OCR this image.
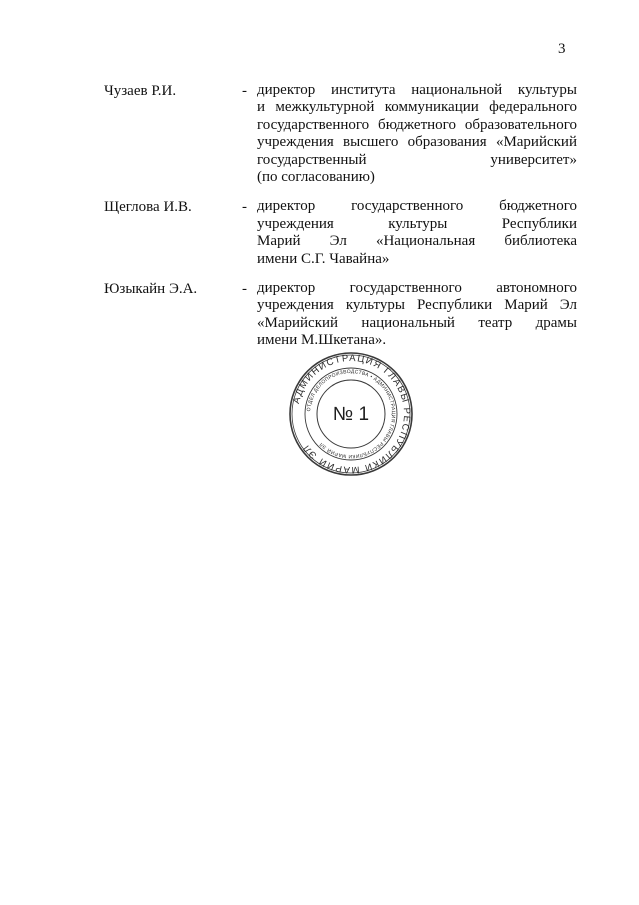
3
Чузаев Р.И.	- директор института национальной культуры
и межкультурной коммуникации федерального
государственного бюджетного образовательного
учреждения высшего образования «Марийский
государственный университет»
(по согласованию)
Щеглова И.В.	- директор государственного бюджетного
учреждения культуры Республики
Марий Эл «Национальная библиотека
имени С.Г. Чавайна»
Юзыкайн Э.А.	- директор государственного автономного
учреждения культуры Республики Марий Эл
«Марийский национальный театр драмы
имени М.Шкетана».
АДМИНИСТРАЦИЯ ГЛАВЫ РЕСПУБЛИКИ МАРИЙ ЭЛ
ОТДЕЛ ДЕЛОПРОИЗВОДСТВА • АДМИНИСТРАЦИЯ ГЛАВЫ РЕСПУБЛИКИ МАРИЙ ЭЛ
№ 1
